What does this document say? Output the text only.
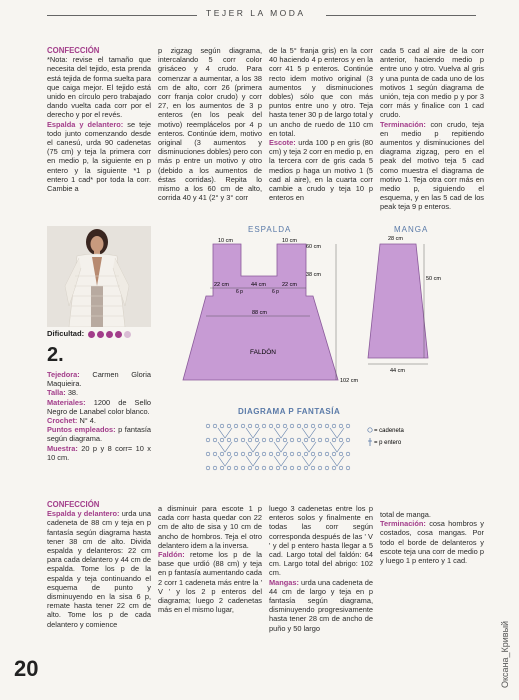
TEJER LA MODA
CONFECCIÓN

*Nota: revise el tamaño que necesita del tejido, esta prenda está tejida de forma suelta para que caiga mejor. El tejido está unido en círculo pero trabajado dando vuelta cada corr por el derecho y por el revés.

Espalda y delantero: se teje todo junto comenzando desde el canesú, urda 90 cadenetas (75 cm) y teja la primera corr en medio p, la siguiente en p entero y la siguiente *1 p entero 1 cad* por toda la corr. Cambie a

p zigzag según diagrama, intercalando 5 corr color grisáceo y 4 crudo. Para comenzar a aumentar, a los 38 cm de alto, corr 26 (primera corr franja color crudo) y corr 27, en los aumentos de 3 p enteros (en los peak del motivo) reemplácelos por 4 p enteros. Continúe idem, motivo original (3 aumentos y disminuciones dobles) pero con más p entre un motivo y otro (debido a los aumentos de éstas corridas). Repita lo mismo a los 60 cm de alto, corrida 40 y 41 (2° y 3° corr

de la 5° franja gris) en la corr 40 haciendo 4 p enteros y en la corr 41 5 p enteros. Continúe recto idem motivo original (3 aumentos y disminuciones dobles) sólo que con más puntos entre uno y otro. Teja hasta tener 30 p de largo total y un ancho de ruedo de 110 cm en total.

Escote: urda 100 p en gris (80 cm) y teja 2 corr en medio p, en la tercera corr de gris cada 5 medios p haga un motivo 1 (5 cad al aire), en la cuarta corr cambie a crudo y teja 10 p enteros en

cada 5 cad al aire de la corr anterior, haciendo medio p entre uno y otro. Vuelva al gris y una punta de cada uno de los motivos 1 según diagrama de unión, teja con medio p y por 3 corr más y finalice con 1 cad crudo.

Terminación: con crudo, teja en medio p repitiendo aumentos y disminuciones del diagrama zigzag, pero en el peak del motivo teja 5 cad como muestra el diagrama de motivo 1. Teja otra corr más en medio p, siguiendo el esquema, y en las 5 cad de los peak teja 9 p enteros.

Dificultad:
2.

Tejedora: Carmen Gloria Maquieira.

Talla: 38.

Materiales: 1200 de Sello Negro de Lanabel color blanco.

Crochet: N° 4.

Puntos empleados: p fantasía según diagrama.

Muestra: 20 p y 8 corr= 10 x 10 cm.

ESPALDA
10 cm	10 cm
60 cm
38 cm
22 cm
6 p
44 cm
6 p
22 cm
88 cm
FALDÓN
102 cm
MANGA
28 cm
50 cm
44 cm
DIAGRAMA P FANTASÍA
= cadeneta
= p entero
CONFECCIÓN

Espalda y delantero: urda una cadeneta de 88 cm y teja en p fantasía según diagrama hasta tener 38 cm de alto. Divida espalda y delanteros: 22 cm para cada delantero y 44 cm de espalda. Tome los p de la espalda y teja continuando el esquema de punto y disminuyendo en la sisa 6 p, remate hasta tener 22 cm de alto. Tome los p de cada delantero y comience

a disminuir para escote 1 p cada corr hasta quedar con 22 cm de alto de sisa y 10 cm de ancho de hombros. Teja el otro delantero idem a la inversa.

Faldón: retome los p de la base que urdió (88 cm) y teja en p fantasía aumentando cada 2 corr 1 cadeneta más entre la ' V ' y los 2 p enteros del diagrama; luego 2 cadenetas más en el mismo lugar,

luego 3 cadenetas entre los p enteros solos y finalmente en todas las corr según corresponda después de las ' V ' y del p entero hasta llegar a 5 cad. Largo total del faldón: 64 cm. Largo total del abrigo: 102 cm.

Mangas: urda una cadeneta de 44 cm de largo y teja en p fantasía según diagrama, disminuyendo progresivamente hasta tener 28 cm de ancho de puño y 50 largo

total de manga.

Terminación: cosa hombros y costados, cosa mangas. Por todo el borde de delanteros y escote teja una corr de medio p y luego 1 p entero y 1 cad.

20	Оксана_Кривый
